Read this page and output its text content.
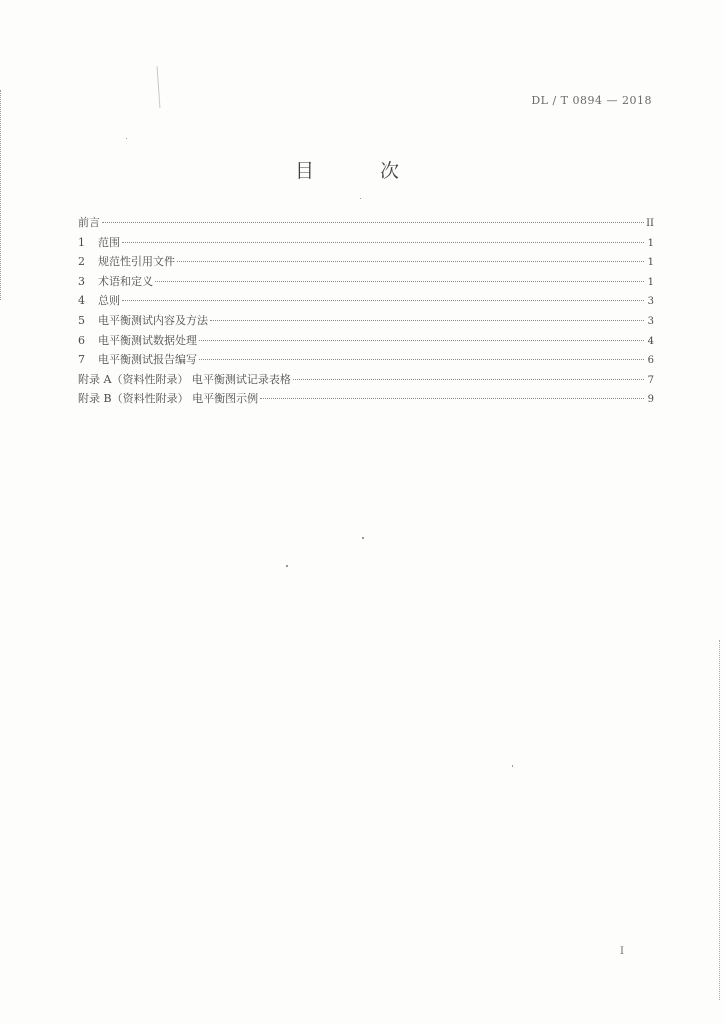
DL / T 0894 — 2018
目 次
前言	II
1	范围	1
2	规范性引用文件	1
3	术语和定义	1
4	总则	3
5	电平衡测试内容及方法	3
6	电平衡测试数据处理	4
7	电平衡测试报告编写	6
附录 A（资料性附录） 电平衡测试记录表格	7
附录 B（资料性附录） 电平衡图示例	9
I
